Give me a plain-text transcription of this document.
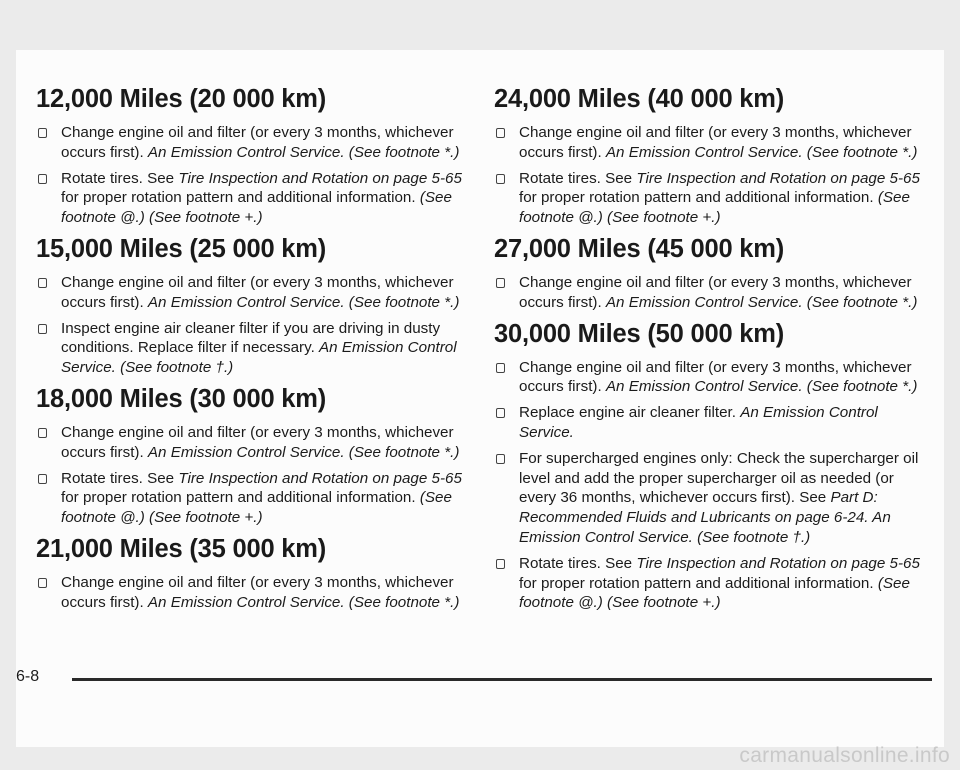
12,000 Miles (20 000 km)
Change engine oil and filter (or every 3 months, whichever occurs first). An Emission Control Service. (See footnote *.)
Rotate tires. See Tire Inspection and Rotation on page 5-65 for proper rotation pattern and additional information. (See footnote @.) (See footnote +.)
15,000 Miles (25 000 km)
Change engine oil and filter (or every 3 months, whichever occurs first). An Emission Control Service. (See footnote *.)
Inspect engine air cleaner filter if you are driving in dusty conditions. Replace filter if necessary. An Emission Control Service. (See footnote †.)
18,000 Miles (30 000 km)
Change engine oil and filter (or every 3 months, whichever occurs first). An Emission Control Service. (See footnote *.)
Rotate tires. See Tire Inspection and Rotation on page 5-65 for proper rotation pattern and additional information. (See footnote @.) (See footnote +.)
21,000 Miles (35 000 km)
Change engine oil and filter (or every 3 months, whichever occurs first). An Emission Control Service. (See footnote *.)
24,000 Miles (40 000 km)
Change engine oil and filter (or every 3 months, whichever occurs first). An Emission Control Service. (See footnote *.)
Rotate tires. See Tire Inspection and Rotation on page 5-65 for proper rotation pattern and additional information. (See footnote @.) (See footnote +.)
27,000 Miles (45 000 km)
Change engine oil and filter (or every 3 months, whichever occurs first). An Emission Control Service. (See footnote *.)
30,000 Miles (50 000 km)
Change engine oil and filter (or every 3 months, whichever occurs first). An Emission Control Service. (See footnote *.)
Replace engine air cleaner filter. An Emission Control Service.
For supercharged engines only: Check the supercharger oil level and add the proper supercharger oil as needed (or every 36 months, whichever occurs first). See Part D: Recommended Fluids and Lubricants on page 6-24. An Emission Control Service. (See footnote †.)
Rotate tires. See Tire Inspection and Rotation on page 5-65 for proper rotation pattern and additional information. (See footnote @.) (See footnote +.)
6-8
carmanualsonline.info
